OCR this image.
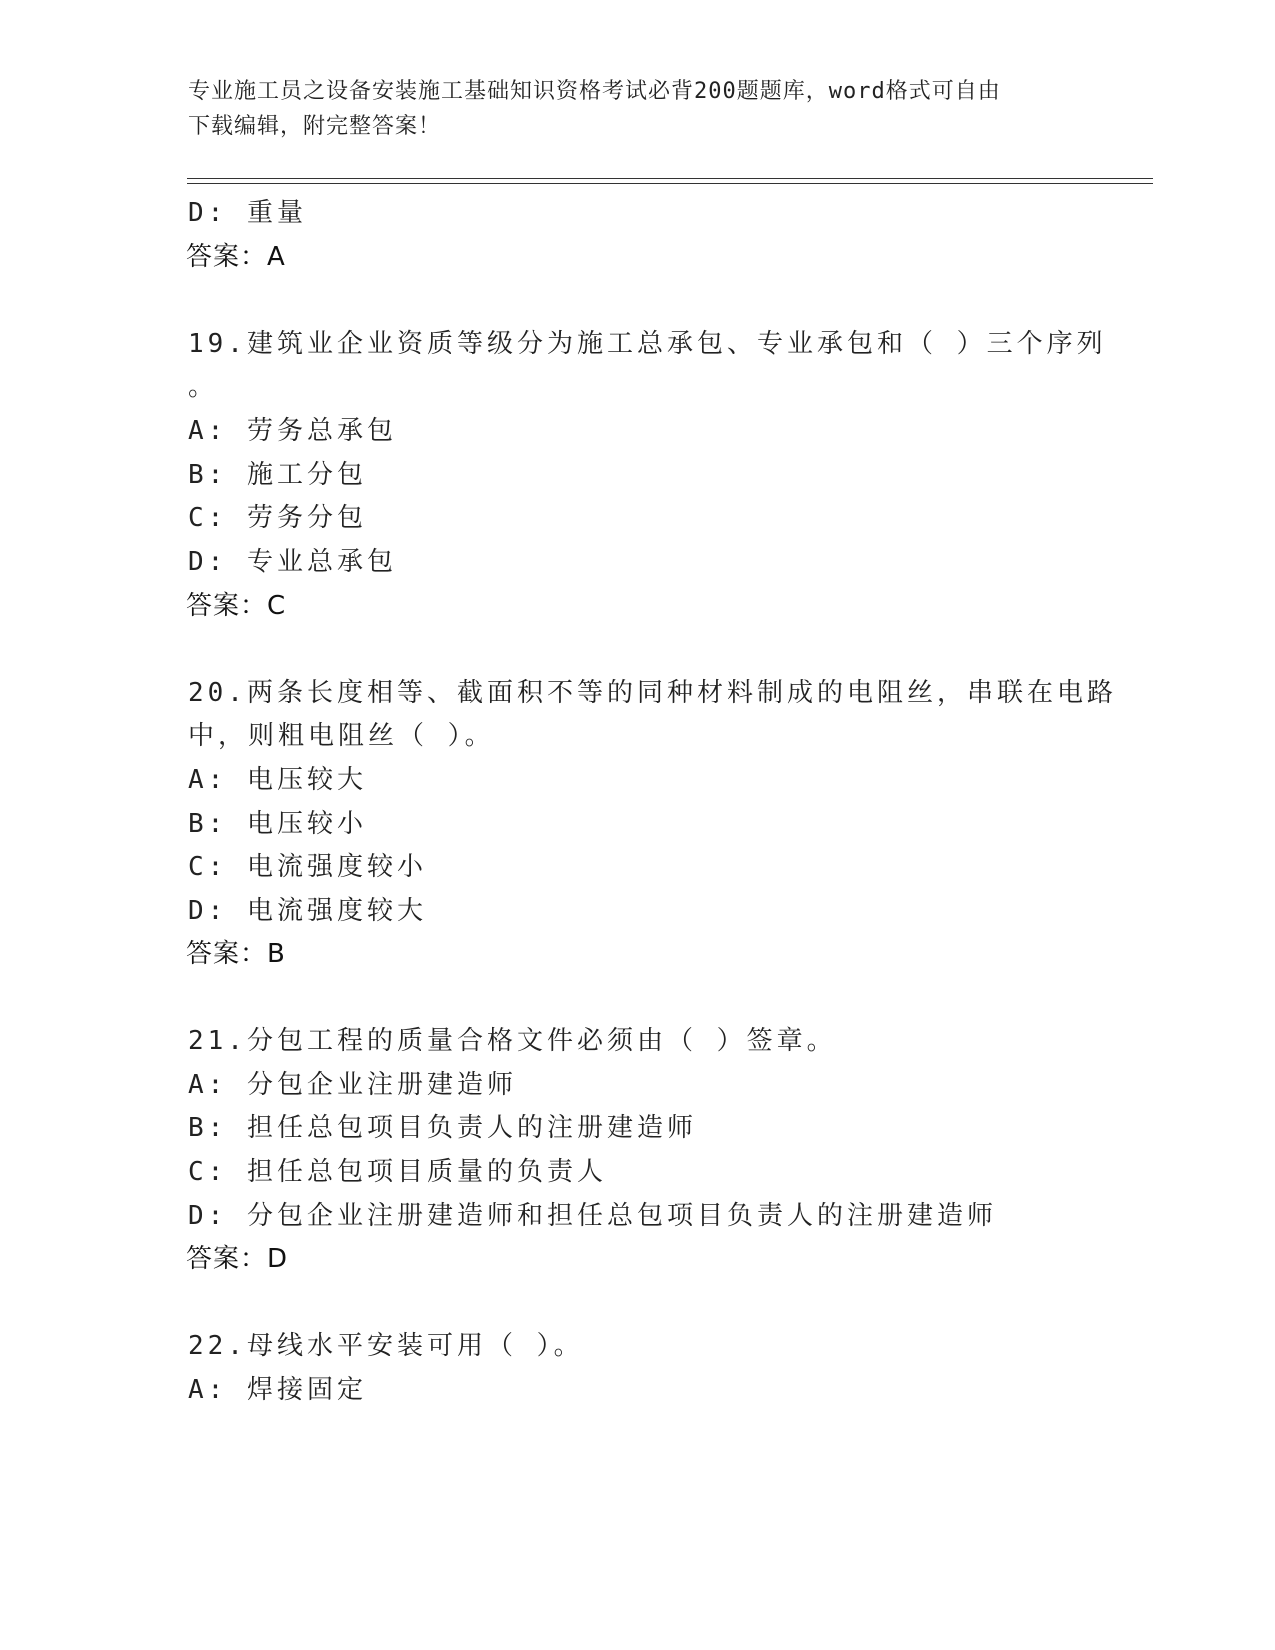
专业施工员之设备安装施工基础知识资格考试必背200题题库，word格式可自由
下载编辑，附完整答案！
D: 重量
答案：A
19.建筑业企业资质等级分为施工总承包、专业承包和（ ）三个序列
。
A: 劳务总承包
B: 施工分包
C: 劳务分包
D: 专业总承包
答案：C
20.两条长度相等、截面积不等的同种材料制成的电阻丝，串联在电路
中，则粗电阻丝（ ）。
A: 电压较大
B: 电压较小
C: 电流强度较小
D: 电流强度较大
答案：B
21.分包工程的质量合格文件必须由（ ）签章。
A: 分包企业注册建造师
B: 担任总包项目负责人的注册建造师
C: 担任总包项目质量的负责人
D: 分包企业注册建造师和担任总包项目负责人的注册建造师
答案：D
22.母线水平安装可用（ ）。
A: 焊接固定
